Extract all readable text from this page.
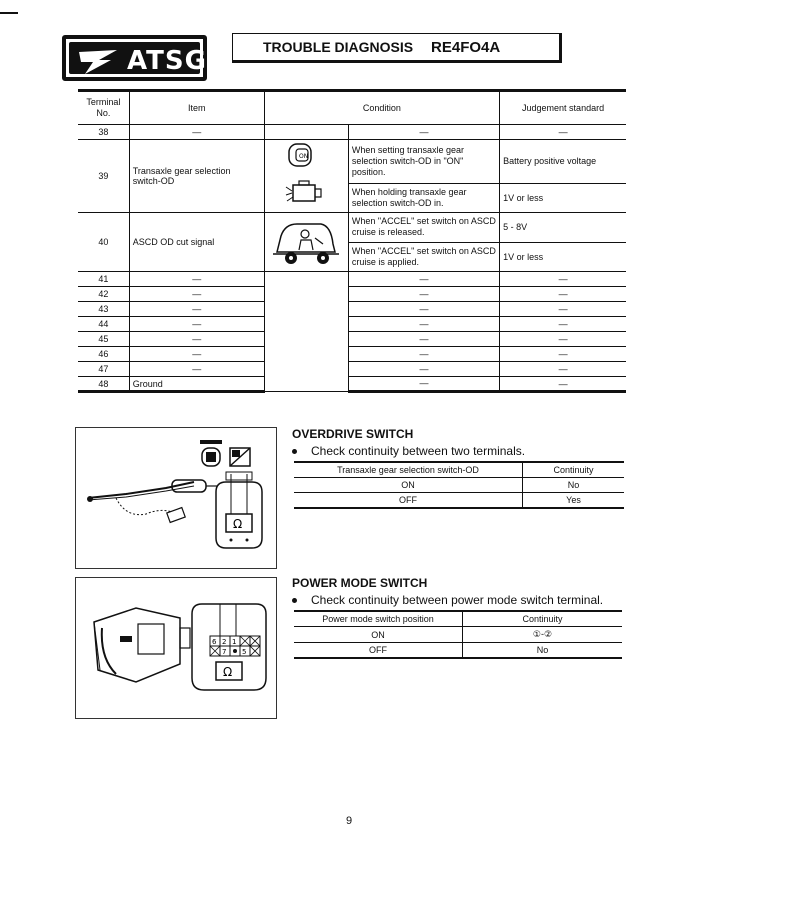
ATSG	TROUBLE DIAGNOSIS RE4FO4A
Terminal No.	Item	Condition		Judgement standard
38	—		—	—
39	Transaxle gear selection switch-OD	ON	When setting transaxle gear selection switch-OD in "ON" position.	Battery positive voltage
			When holding transaxle gear selection switch-OD in.	1V or less
40	ASCD OD cut signal		When "ACCEL" set switch on ASCD cruise is released.	5 - 8V
			When "ACCEL" set switch on ASCD cruise is applied.	1V or less
41	—		—	—
42	—		—	—
43	—		—	—
44	—		—	—
45	—		—	—
46	—		—	—
47	—		—	—
48	Ground		—	—
Ω
OVERDRIVE SWITCH
Check continuity between two terminals.
Transaxle gear selection switch-OD	Continuity
ON	No
OFF	Yes
6 2 1
7 5
Ω
POWER MODE SWITCH
Check continuity between power mode switch terminal.
Power mode switch position	Continuity
ON	①-②
OFF	No
9
